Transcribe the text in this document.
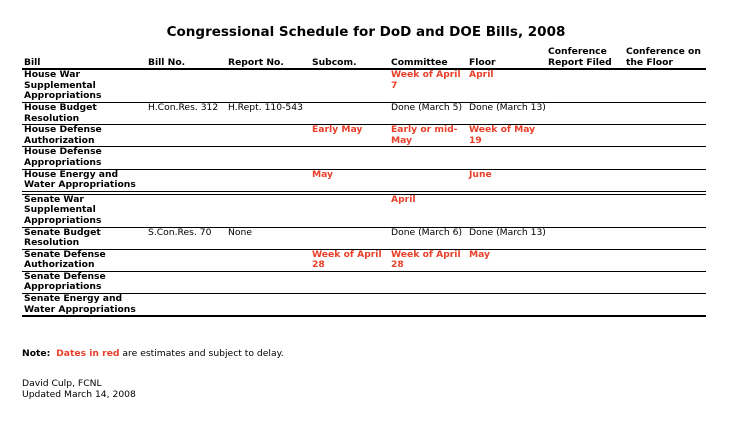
Congressional Schedule for DoD and DOE Bills, 2008
Bill	Bill No.	Report No.	Subcom.	Committee	Floor	Conference Report Filed	Conference on the Floor
House War Supplemental Appropriations				Week of April 7	April		
House Budget Resolution	H.Con.Res. 312	H.Rept. 110-543		Done (March 5)	Done (March 13)		
House Defense Authorization			Early May	Early or mid-May	Week of May 19		
House Defense Appropriations							
House Energy and Water Appropriations			May		June		
Senate War Supplemental Appropriations				April			
Senate Budget Resolution	S.Con.Res. 70	None		Done (March 6)	Done (March 13)		
Senate Defense Authorization			Week of April 28	Week of April 28	May		
Senate Defense Appropriations							
Senate Energy and Water Appropriations							
Note: Dates in red are estimates and subject to delay.
David Culp, FCNL
Updated March 14, 2008
